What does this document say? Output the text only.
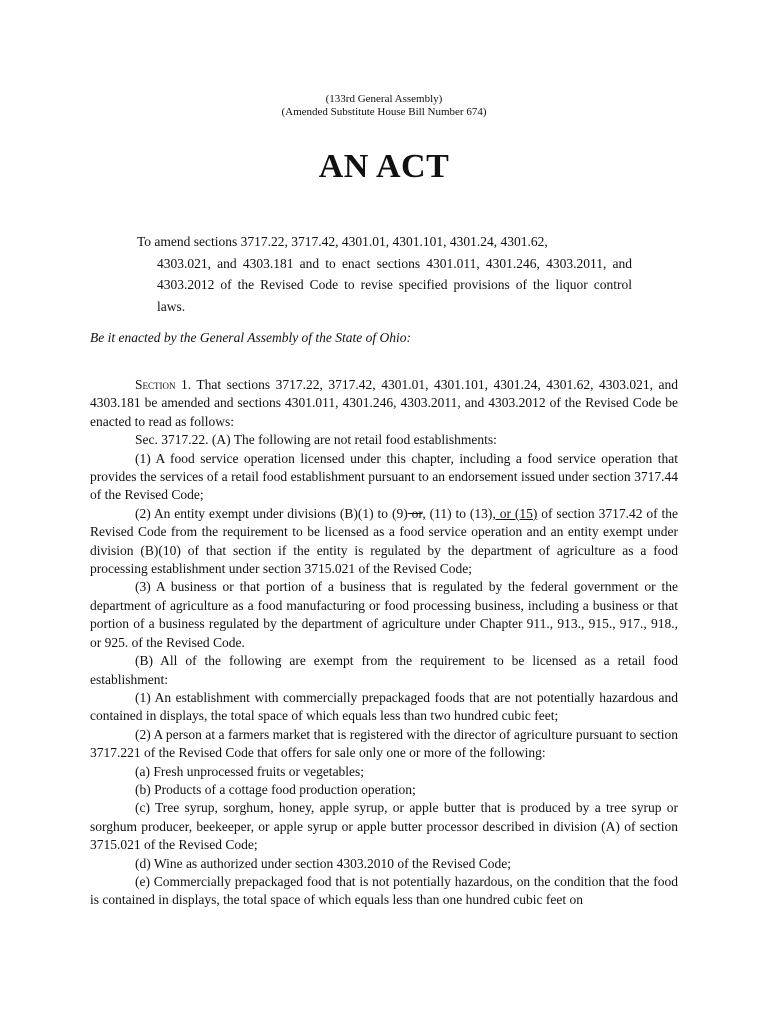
(133rd General Assembly)
(Amended Substitute House Bill Number 674)
AN ACT
To amend sections 3717.22, 3717.42, 4301.01, 4301.101, 4301.24, 4301.62,
4303.021, and 4303.181 and to enact sections 4301.011, 4301.246, 4303.2011, and 4303.2012 of the Revised Code to revise specified provisions of the liquor control laws.
Be it enacted by the General Assembly of the State of Ohio:

Section 1. That sections 3717.22, 3717.42, 4301.01, 4301.101, 4301.24, 4301.62, 4303.021, and 4303.181 be amended and sections 4301.011, 4301.246, 4303.2011, and 4303.2012 of the Revised Code be enacted to read as follows:

Sec. 3717.22. (A) The following are not retail food establishments:

(1) A food service operation licensed under this chapter, including a food service operation that provides the services of a retail food establishment pursuant to an endorsement issued under section 3717.44 of the Revised Code;

(2) An entity exempt under divisions (B)(1) to (9) or, (11) to (13), or (15) of section 3717.42 of the Revised Code from the requirement to be licensed as a food service operation and an entity exempt under division (B)(10) of that section if the entity is regulated by the department of agriculture as a food processing establishment under section 3715.021 of the Revised Code;

(3) A business or that portion of a business that is regulated by the federal government or the department of agriculture as a food manufacturing or food processing business, including a business or that portion of a business regulated by the department of agriculture under Chapter 911., 913., 915., 917., 918., or 925. of the Revised Code.

(B) All of the following are exempt from the requirement to be licensed as a retail food establishment:

(1) An establishment with commercially prepackaged foods that are not potentially hazardous and contained in displays, the total space of which equals less than two hundred cubic feet;

(2) A person at a farmers market that is registered with the director of agriculture pursuant to section 3717.221 of the Revised Code that offers for sale only one or more of the following:

(a) Fresh unprocessed fruits or vegetables;

(b) Products of a cottage food production operation;

(c) Tree syrup, sorghum, honey, apple syrup, or apple butter that is produced by a tree syrup or sorghum producer, beekeeper, or apple syrup or apple butter processor described in division (A) of section 3715.021 of the Revised Code;

(d) Wine as authorized under section 4303.2010 of the Revised Code;

(e) Commercially prepackaged food that is not potentially hazardous, on the condition that the food is contained in displays, the total space of which equals less than one hundred cubic feet on
